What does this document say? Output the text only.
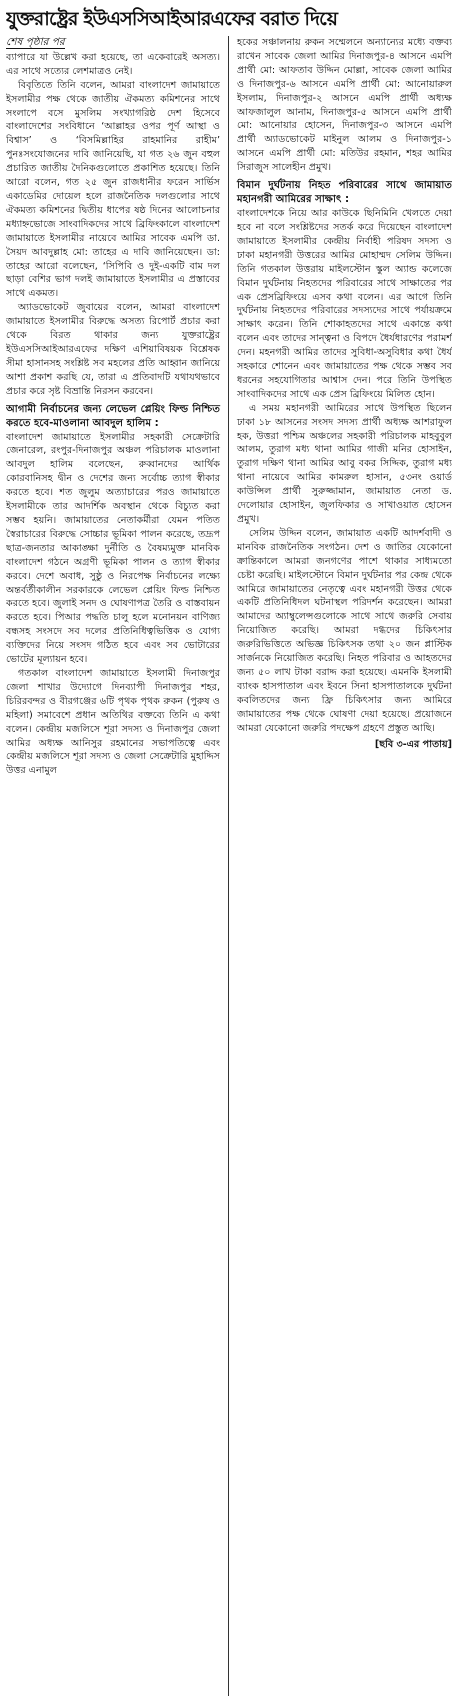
যুক্তরাষ্ট্রের ইউএসসিআইআরএফের বরাত দিয়ে
শেষ পৃষ্ঠার পর

ব্যাপারে যা উল্লেখ করা হয়েছে, তা একেবারেই অসত্য। এর সাথে সত্যের লেশমাত্রও নেই।

বিবৃতিতে তিনি বলেন, আমরা বাংলাদেশ জামায়াতে ইসলামীর পক্ষ থেকে জাতীয় ঐকমত্য কমিশনের সাথে সংলাপে বসে মুসলিম সংখ্যাগরিষ্ঠ দেশ হিসেবে বাংলাদেশের সংবিধানে ‘আল্লাহর ওপর পূর্ণ আস্থা ও বিশ্বাস’ ও ‘বিসমিল্লাহির রাহমানির রাহীম’ পুনঃসংযোজনের দাবি জানিয়েছি, যা গত ২৬ জুন বহুল প্রচারিত জাতীয় দৈনিকগুলোতে প্রকাশিত হয়েছে। তিনি আরো বলেন, গত ২৫ জুন রাজধানীর ফরেন সার্ভিস একাডেমির দোয়েল হলে রাজনৈতিক দলগুলোর সাথে ঐকমত্য কমিশনের দ্বিতীয় ধাপের ষষ্ঠ দিনের আলোচনার মধ্যাহ্নভোজে সাংবাদিকদের সাথে ব্রিফিংকালে বাংলাদেশ জামায়াতে ইসলামীর নায়েবে আমির সাবেক এমপি ডা. সৈয়দ আবদুল্লাহ মো: তাহের এ দাবি জানিয়েছেন। ডা: তাহের আরো বলেছেন, ‘সিপিবি ও দুই-একটি বাম দল ছাড়া বেশির ভাগ দলই জামায়াতে ইসলামীর এ প্রস্তাবের সাথে একমত।

অ্যাডভোকেট জুবায়ের বলেন, আমরা বাংলাদেশ জামায়াতে ইসলামীর বিরুদ্ধে অসত্য রিপোর্ট প্রচার করা থেকে বিরত থাকার জন্য যুক্তরাষ্ট্রের ইউএসসিআইআরএফের দক্ষিণ এশিয়াবিষয়ক বিশ্লেষক সীমা হাসানসহ সংশ্লিষ্ট সব মহলের প্রতি আহ্বান জানিয়ে আশা প্রকাশ করছি যে, তারা এ প্রতিবাদটি যথাযথভাবে প্রচার করে সৃষ্ট বিভ্রান্তি নিরসন করবেন।

আগামী নির্বাচনের জন্য লেভেল প্লেয়িং ফিল্ড নিশ্চিত করতে হবে-মাওলানা আবদুল হালিম :

বাংলাদেশ জামায়াতে ইসলামীর সহকারী সেক্রেটারি জেনারেল, রংপুর-দিনাজপুর অঞ্চল পরিচালক মাওলানা আবদুল হালিম বলেছেন, রুব্বানদের আর্থিক কোরবানিসহ দ্বীন ও দেশের জন্য সর্বোচ্চ ত্যাগ স্বীকার করতে হবে। শত জুলুম অত্যাচারের পরও জামায়াতে ইসলামীকে তার আদর্শিক অবস্থান থেকে বিচ্যুত করা সম্ভব হয়নি। জামায়াতের নেতাকর্মীরা যেমন পতিত স্বৈরাচারের বিরুদ্ধে সোচ্চার ভূমিকা পালন করেছে, তদ্রূপ ছাত্র-জনতার আকাঙ্ক্ষা দুর্নীতি ও বৈষম্যমুক্ত মানবিক বাংলাদেশ গঠনে অগ্রণী ভূমিকা পালন ও ত্যাগ স্বীকার করবে। দেশে অবাধ, সুষ্ঠু ও নিরপেক্ষ নির্বাচনের লক্ষ্যে অন্তর্বর্তীকালীন সরকারকে লেভেল প্লেয়িং ফিল্ড নিশ্চিত করতে হবে। জুলাই সনদ ও ঘোষণাপত্র তৈরি ও বাস্তবায়ন করতে হবে। পিআর পদ্ধতি চালু হলে মনোনয়ন বাণিজ্য বন্ধসহ সংসদে সব দলের প্রতিনিধিত্বভিত্তিক ও যোগ্য ব্যক্তিদের নিয়ে সংসদ গঠিত হবে এবং সব ভোটারের ভোটের মূল্যায়ন হবে।

গতকাল বাংলাদেশ জামায়াতে ইসলামী দিনাজপুর জেলা শাখার উদ্যোগে দিনব্যাপী দিনাজপুর শহর, চিরিরবন্দর ও বীরগঞ্জের ৬টি পৃথক পৃথক রুকন (পুরুষ ও মহিলা) সমাবেশে প্রধান অতিথির বক্তব্যে তিনি এ কথা বলেন। কেন্দ্রীয় মজলিসে শূরা সদস্য ও দিনাজপুর জেলা আমির অধ্যক্ষ আনিসুর রহমানের সভাপতিত্বে এবং কেন্দ্রীয় মজলিসে শূরা সদস্য ও জেলা সেক্রেটারি মুহাদ্দিস উত্তর এনামুল

হকের সঞ্চালনায় রুকন সম্মেলনে অন্যান্যের মধ্যে বক্তব্য রাখেন সাবেক জেলা আমির দিনাজপুর-৪ আসনে এমপি প্রার্থী মো: আফতাব উদ্দিন মোল্লা, সাবেক জেলা আমির ও দিনাজপুর-৬ আসনে এমপি প্রার্থী মো: আনোয়ারুল ইসলাম, দিনাজপুর-২ আসনে এমপি প্রার্থী অধ্যক্ষ আফজালুল আনাম, দিনাজপুর-৫ আসনে এমপি প্রার্থী মো: আনোয়ার হোসেন, দিনাজপুর-৩ আসনে এমপি প্রার্থী অ্যাডভোকেট মাইনুল আলম ও দিনাজপুর-১ আসনে এমপি প্রার্থী মো: মতিউর রহমান, শহর আমির সিরাজুস সালেহীন প্রমুখ।

বিমান দুর্ঘটনায় নিহত পরিবারের সাথে জামায়াত মহানগরী আমিরের সাক্ষাৎ :

বাংলাদেশকে নিয়ে আর কাউকে ছিনিমিনি খেলতে দেয়া হবে না বলে সংশ্লিষ্টদের সতর্ক করে দিয়েছেন বাংলাদেশ জামায়াতে ইসলামীর কেন্দ্রীয় নির্বাহী পরিষদ সদস্য ও ঢাকা মহানগরী উত্তরের আমির মোহাম্মদ সেলিম উদ্দিন। তিনি গতকাল উত্তরায় মাইলস্টোন স্কুল অ্যান্ড কলেজে বিমান দুর্ঘটনায় নিহতদের পরিবারের সাথে সাক্ষাতের পর এক প্রেসব্রিফিংয়ে এসব কথা বলেন। এর আগে তিনি দুর্ঘটনায় নিহতদের পরিবারের সদস্যদের সাথে পর্যায়ক্রমে সাক্ষাৎ করেন। তিনি শোকাহতদের সাথে একান্তে কথা বলেন এবং তাদের সান্ত্বনা ও বিপদে ধৈর্যধারণের পরামর্শ দেন। মহনগরী আমির তাদের সুবিধা-অসুবিধার কথা ধৈর্য সহকারে শোনেন এবং জামায়াতের পক্ষ থেকে সম্ভব সব ধরনের সহযোগিতার আশ্বাস দেন। পরে তিনি উপস্থিত সাংবাদিকদের সাথে এক প্রেস ব্রিফিংয়ে মিলিত হোন।

এ সময় মহানগরী আমিরের সাথে উপস্থিত ছিলেন ঢাকা ১৮ আসনের সংসদ সদস্য প্রার্থী অধ্যক্ষ আশরাফুল হক, উত্তরা পশ্চিম অঞ্চলের সহকারী পরিচালক মাহবুবুল আলম, তুরাগ মধ্য থানা আমির গাজী মনির হোসাইন, তুরাগ দক্ষিণ থানা আমির আবু বকর সিদ্দিক, তুরাগ মধ্য থানা নায়েবে আমির কামরুল হাসান, ৫৩নং ওয়ার্ড কাউন্সিল প্রার্থী সুরুজ্জামান, জামায়াত নেতা ড. দেলোয়ার হোসাইন, জুলফিকার ও সাখাওয়াত হোসেন প্রমুখ।

সেলিম উদ্দিন বলেন, জামায়াত একটি আদর্শবাদী ও মানবিক রাজনৈতিক সংগঠন। দেশ ও জাতির যেকোনো ক্রান্তিকালে আমরা জনগণের পাশে থাকার সাধ্যমতো চেষ্টা করেছি। মাইলস্টোনে বিমান দুর্ঘটনার পর কেন্দ্র থেকে আমিরে জামায়াতের নেতৃত্বে এবং মহানগরী উত্তর থেকে একটি প্রতিনিধিদল ঘটনাস্থল পরিদর্শন করেছেন। আমরা আমাদের অ্যাম্বুলেন্সগুলোকে সাথে সাথে জরুরি সেবায় নিয়োজিত করেছি। আমরা দগ্ধদের চিকিৎসার জরুরিভিত্তিতে অভিজ্ঞ চিকিৎসক তথা ২০ জন প্লাস্টিক সার্জনকে নিয়োজিত করেছি। নিহত পরিবার ও আহতদের জন্য ৫০ লাখ টাকা বরাদ্দ করা হয়েছে। এমনকি ইসলামী ব্যাংক হাসপাতাল এবং ইবনে সিনা হাসপাতালকে দুর্ঘটনা কবলিতদের জন্য ফ্রি চিকিৎসার জন্য আমিরে জামায়াতের পক্ষ থেকে ঘোষণা দেয়া হয়েছে। প্রয়োজনে আমরা যেকোনো জরুরি পদক্ষেপ গ্রহণে প্রস্তুত আছি।

[ছবি ৩-এর পাতায়]
